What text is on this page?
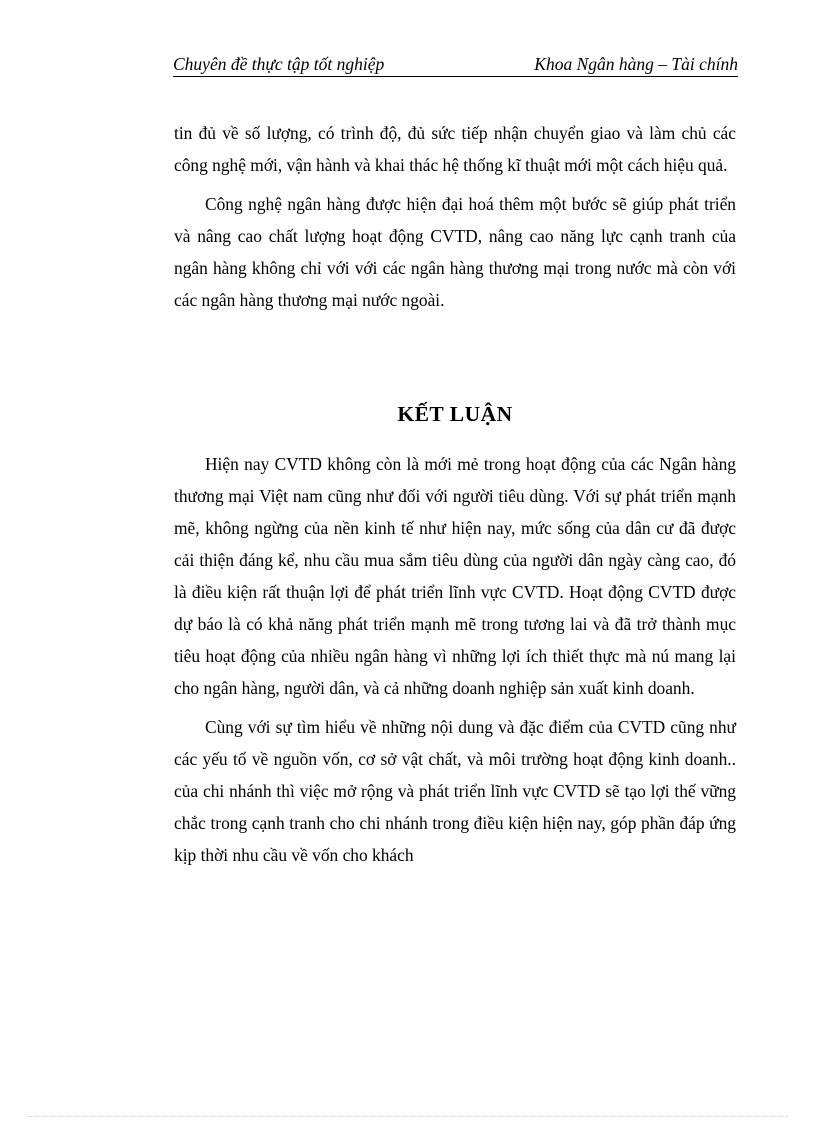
Chuyên đề thực tập tốt nghiệp	Khoa Ngân hàng – Tài chính

tin đủ về số lượng, có trình độ, đủ sức tiếp nhận chuyển giao và làm chủ các công nghệ mới, vận hành và khai thác hệ thống kĩ thuật mới một cách hiệu quả.

Công nghệ ngân hàng được hiện đại hoá thêm một bước sẽ giúp phát triển và nâng cao chất lượng hoạt động CVTD, nâng cao năng lực cạnh tranh của ngân hàng không chỉ với với các ngân hàng thương mại trong nước mà còn với các ngân hàng thương mại nước ngoài.

KẾT LUẬN

Hiện nay CVTD không còn là mới mẻ trong hoạt động của các Ngân hàng thương mại Việt nam cũng như đối với người tiêu dùng. Với sự phát triển mạnh mẽ, không ngừng của nền kinh tế như hiện nay, mức sống của dân cư đã được cải thiện đáng kể, nhu cầu mua sắm tiêu dùng của người dân ngày càng cao, đó là điều kiện rất thuận lợi để phát triển lĩnh vực CVTD. Hoạt động CVTD được dự báo là có khả năng phát triển mạnh mẽ trong tương lai và đã trở thành mục tiêu hoạt động của nhiều ngân hàng vì những lợi ích thiết thực mà nú mang lại cho ngân hàng, người dân, và cả những doanh nghiệp sản xuất kinh doanh.

Cùng với sự tìm hiểu về những nội dung và đặc điểm của CVTD cũng như các yếu tố về nguồn vốn, cơ sở vật chất, và môi trường hoạt động kinh doanh.. của chi nhánh thì việc mở rộng và phát triển lĩnh vực CVTD sẽ tạo lợi thế vững chắc trong cạnh tranh cho chi nhánh trong điều kiện hiện nay, góp phần đáp ứng kịp thời nhu cầu về vốn cho khách
